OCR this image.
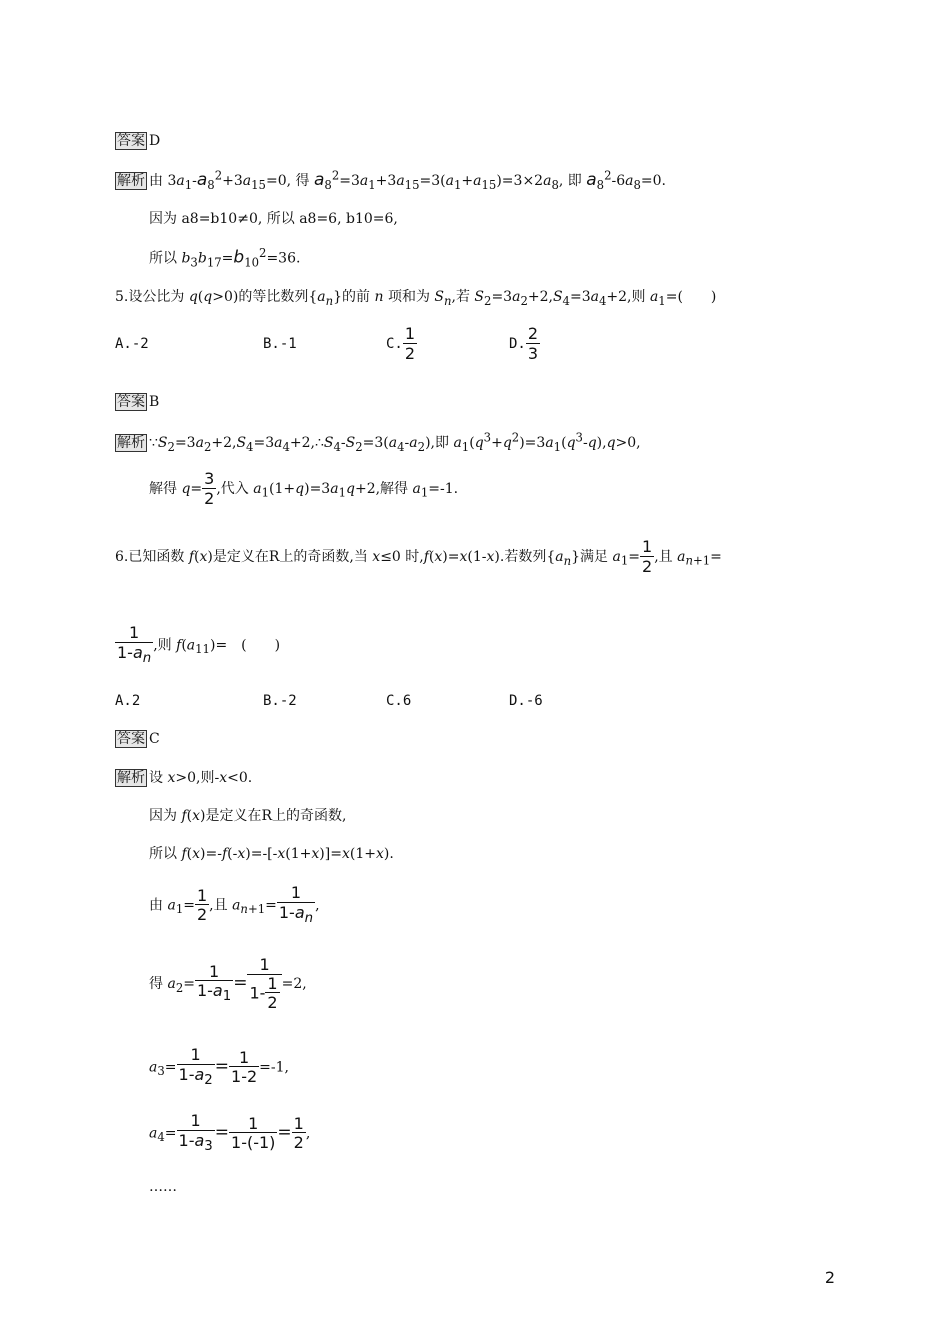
答案 D
解析 由 $3a_1-a_8^2+3a_{15}=0$, 得 $a_8^2=3a_1+3a_{15}=3(a_1+a_{15})=3\times 2a_8$, 即 $a_8^2-6a_8=0$.
因为 a8=b10≠0, 所以 a8=6, b10=6,
所以 $b_3b_{17}=b_{10}^2=36$.
5.设公比为 q(q>0)的等比数列$\{a_n\}$的前 n 项和为 $S_n$,若 $S_2=3a_2+2,S_4=3a_4+2$,则 $a_1=$(　　)
A.-2	B.-1	C. $\frac{1}{2}$	D. $\frac{2}{3}$
答案 B
解析 $\because S_2=3a_2+2,S_4=3a_4+2,\therefore S_4-S_2=3(a_4-a_2)$,即 $a_1(q^3+q^2)=3a_1(q^3-q),q>0$,
解得 $q= \frac{3}{2}$ ,代入 $a_1(1+q)=3a_1q+2$,解得 $a_1=-1$.
6.已知函数 f(x)是定义在R上的奇函数,当 x≤0 时,f(x)=x(1-x).若数列$\{a_n\}$满足 $a_1= \frac{1}{2}$ ,且 $a_{n+1}=$
$\frac{1}{1-a_n}$ ,则 $f(a_{11})=$　(　　)
A.2	B.-2	C.6	D.-6
答案 C
解析 设 x>0,则-x<0.
因为 f(x)是定义在R上的奇函数,
所以 f(x)=-f(-x)=-[-x(1+x)]=x(1+x).
由 $a_1= \frac{1}{2}$ ,且 $a_{n+1}= \frac{1}{1-a_n}$ ,
得 $a_2= \frac{1}{1-a_1} = \frac{1}{1- \frac{1}{2}} =2$,
$a_3= \frac{1}{1-a_2} = \frac{1}{1-2} =-1$,
$a_4= \frac{1}{1-a_3} = \frac{1}{1-(-1)} = \frac{1}{2}$ ,
……
2
